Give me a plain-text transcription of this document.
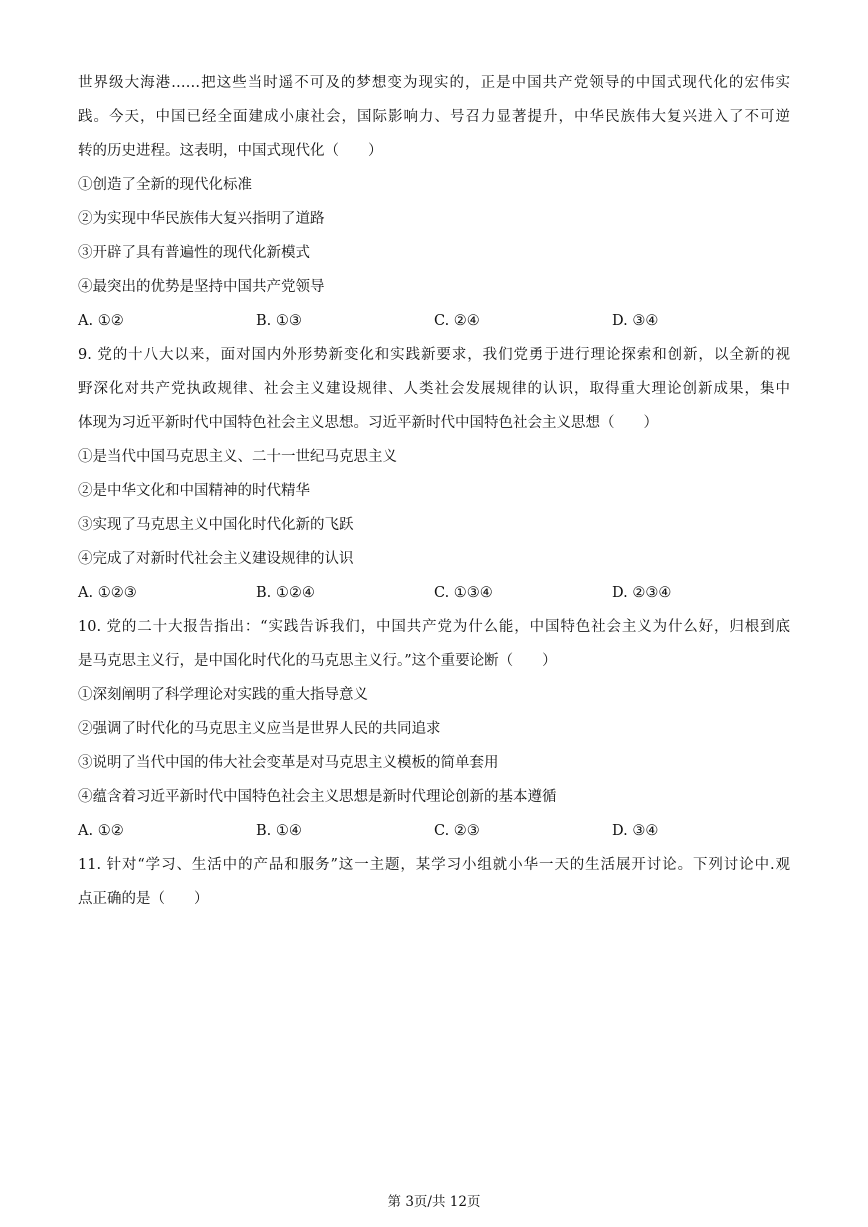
世界级大海港……把这些当时遥不可及的梦想变为现实的，正是中国共产党领导的中国式现代化的宏伟实
践。今天，中国已经全面建成小康社会，国际影响力、号召力显著提升，中华民族伟大复兴进入了不可逆
转的历史进程。这表明，中国式现代化（　　）
①创造了全新的现代化标准
②为实现中华民族伟大复兴指明了道路
③开辟了具有普遍性的现代化新模式
④最突出的优势是坚持中国共产党领导
A. ①②	B. ①③	C. ②④	D. ③④
9. 党的十八大以来，面对国内外形势新变化和实践新要求，我们党勇于进行理论探索和创新，以全新的视
野深化对共产党执政规律、社会主义建设规律、人类社会发展规律的认识，取得重大理论创新成果，集中
体现为习近平新时代中国特色社会主义思想。习近平新时代中国特色社会主义思想（　　）
①是当代中国马克思主义、二十一世纪马克思主义
②是中华文化和中国精神的时代精华
③实现了马克思主义中国化时代化新的飞跃
④完成了对新时代社会主义建设规律的认识
A. ①②③	B. ①②④	C. ①③④	D. ②③④
10. 党的二十大报告指出：“实践告诉我们，中国共产党为什么能，中国特色社会主义为什么好，归根到底
是马克思主义行，是中国化时代化的马克思主义行。”这个重要论断（　　）
①深刻阐明了科学理论对实践的重大指导意义
②强调了时代化的马克思主义应当是世界人民的共同追求
③说明了当代中国的伟大社会变革是对马克思主义模板的简单套用
④蕴含着习近平新时代中国特色社会主义思想是新时代理论创新的基本遵循
A. ①②	B. ①④	C. ②③	D. ③④
11. 针对“学习、生活中的产品和服务”这一主题，某学习小组就小华一天的生活展开讨论。下列讨论中.观
点正确的是（　　）
第 3页/共 12页
